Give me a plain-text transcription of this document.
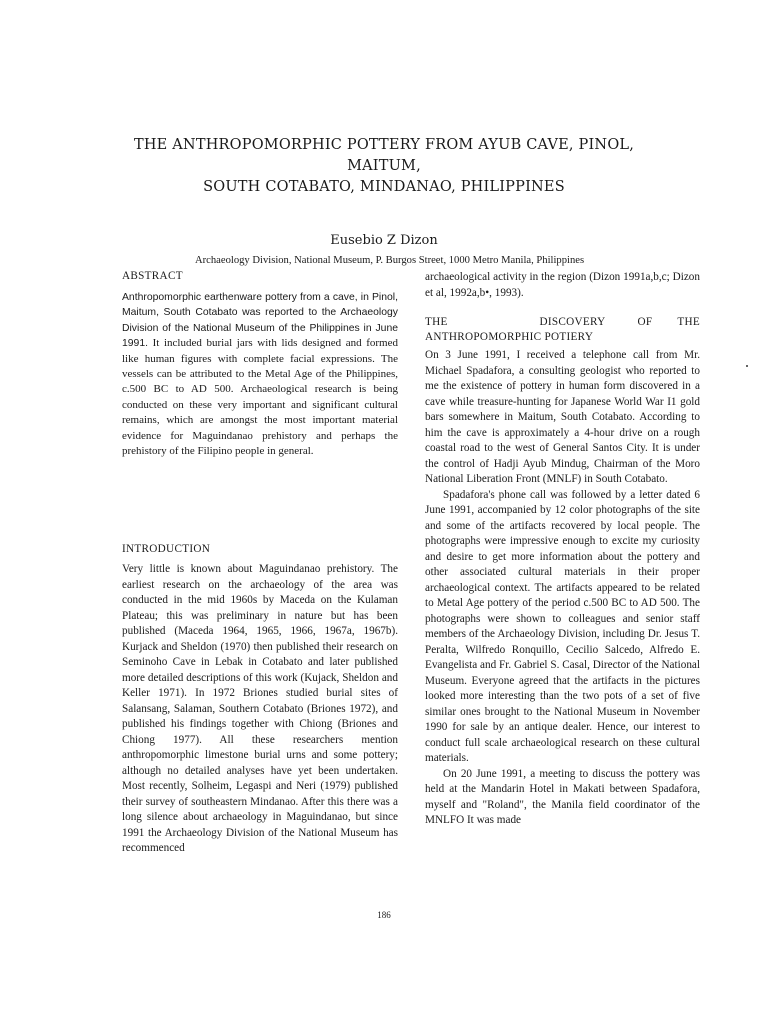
THE ANTHROPOMORPHIC POTTERY FROM AYUB CAVE, PINOL, MAITUM,
SOUTH COTABATO, MINDANAO, PHILIPPINES
Eusebio Z Dizon
Archaeology Division, National Museum, P. Burgos Street, 1000 Metro Manila, Philippines
ABSTRACT

Anthropomorphic earthenware pottery from a cave, in Pinol, Maitum, South Cotabato was reported to the Archaeology Division of the National Museum of the Philippines in June 1991. It included burial jars with lids designed and formed like human figures with complete facial expressions. The vessels can be attributed to the Metal Age of the Philippines, c.500 BC to AD 500. Archaeological research is being conducted on these very important and significant cultural remains, which are amongst the most important material evidence for Maguindanao prehistory and perhaps the prehistory of the Filipino people in general.

INTRODUCTION

Very little is known about Maguindanao prehistory. The earliest research on the archaeology of the area was conducted in the mid 1960s by Maceda on the Kulaman Plateau; this was preliminary in nature but has been published (Maceda 1964, 1965, 1966, 1967a, 1967b). Kurjack and Sheldon (1970) then published their research on Seminoho Cave in Lebak in Cotabato and later published more detailed descriptions of this work (Kujack, Sheldon and Keller 1971). In 1972 Briones studied burial sites of Salansang, Salaman, Southern Cotabato (Briones 1972), and published his findings together with Chiong (Briones and Chiong 1977). All these researchers mention anthropomorphic limestone burial urns and some pottery; although no detailed analyses have yet been undertaken. Most recently, Solheim, Legaspi and Neri (1979) published their survey of southeastern Mindanao. After this there was a long silence about archaeology in Maguindanao, but since 1991 the Archaeology Division of the National Museum has recommenced

archaeological activity in the region (Dizon 1991a,b,c; Dizon et al, 1992a,b•, 1993).

THE	DISCOVERY	OF	THE
ANTHROPOMORPHIC POTIERY

On 3 June 1991, I received a telephone call from Mr. Michael Spadafora, a consulting geologist who reported to me the existence of pottery in human form discovered in a cave while treasure-hunting for Japanese World War I1 gold bars somewhere in Maitum, South Cotabato. According to him the cave is approximately a 4-hour drive on a rough coastal road to the west of General Santos City. It is under the control of Hadji Ayub Mindug, Chairman of the Moro National Liberation Front (MNLF) in South Cotabato.

Spadafora's phone call was followed by a letter dated 6 June 1991, accompanied by 12 color photographs of the site and some of the artifacts recovered by local people. The photographs were impressive enough to excite my curiosity and desire to get more information about the pottery and other associated cultural materials in their proper archaeological context. The artifacts appeared to be related to Metal Age pottery of the period c.500 BC to AD 500. The photographs were shown to colleagues and senior staff members of the Archaeology Division, including Dr. Jesus T. Peralta, Wilfredo Ronquillo, Cecilio Salcedo, Alfredo E. Evangelista and Fr. Gabriel S. Casal, Director of the National Museum. Everyone agreed that the artifacts in the pictures looked more interesting than the two pots of a set of five similar ones brought to the National Museum in November 1990 for sale by an antique dealer. Hence, our interest to conduct full scale archaeological research on these cultural materials.

On 20 June 1991, a meeting to discuss the pottery was held at the Mandarin Hotel in Makati between Spadafora, myself and "Roland", the Manila field coordinator of the MNLFO It was made

186
